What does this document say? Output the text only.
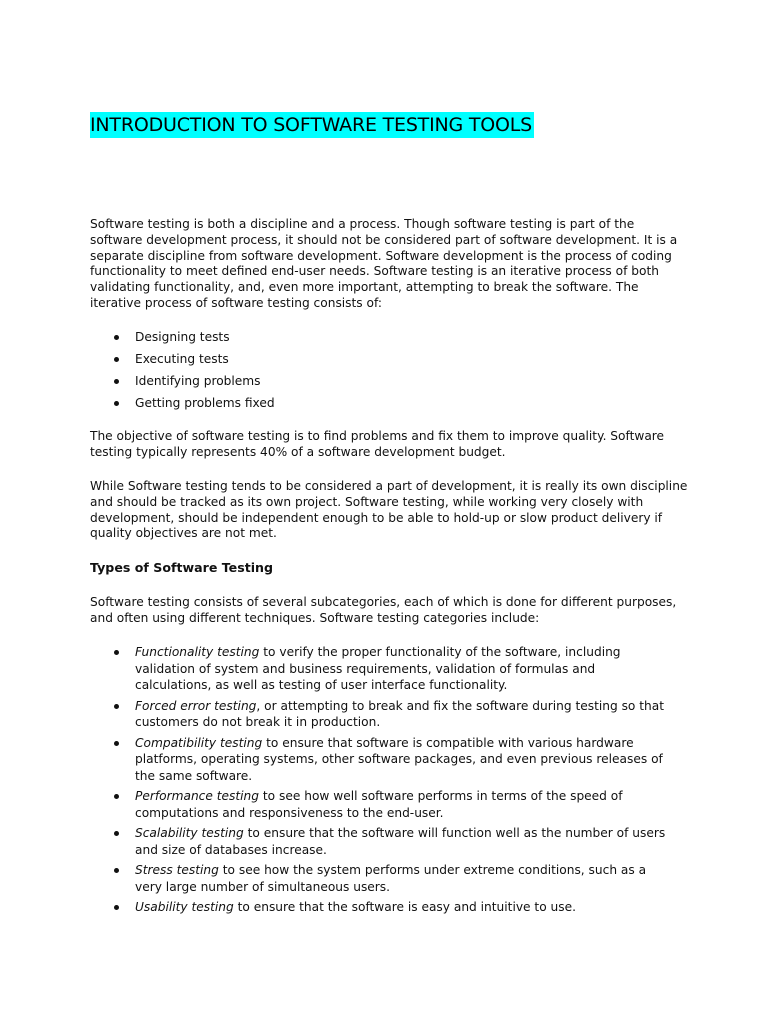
INTRODUCTION TO SOFTWARE TESTING TOOLS

Software testing is both a discipline and a process. Though software testing is part of the software development process, it should not be considered part of software development. It is a separate discipline from software development. Software development is the process of coding functionality to meet defined end-user needs. Software testing is an iterative process of both validating functionality, and, even more important, attempting to break the software. The iterative process of software testing consists of:

Designing tests
Executing tests
Identifying problems
Getting problems fixed

The objective of software testing is to find problems and fix them to improve quality. Software testing typically represents 40% of a software development budget.

While Software testing tends to be considered a part of development, it is really its own discipline and should be tracked as its own project. Software testing, while working very closely with development, should be independent enough to be able to hold-up or slow product delivery if quality objectives are not met.

Types of Software Testing

Software testing consists of several subcategories, each of which is done for different purposes, and often using different techniques. Software testing categories include:

Functionality testing to verify the proper functionality of the software, including validation of system and business requirements, validation of formulas and calculations, as well as testing of user interface functionality.
Forced error testing, or attempting to break and fix the software during testing so that customers do not break it in production.
Compatibility testing to ensure that software is compatible with various hardware platforms, operating systems, other software packages, and even previous releases of the same software.
Performance testing to see how well software performs in terms of the speed of computations and responsiveness to the end-user.
Scalability testing to ensure that the software will function well as the number of users and size of databases increase.
Stress testing to see how the system performs under extreme conditions, such as a very large number of simultaneous users.
Usability testing to ensure that the software is easy and intuitive to use.
